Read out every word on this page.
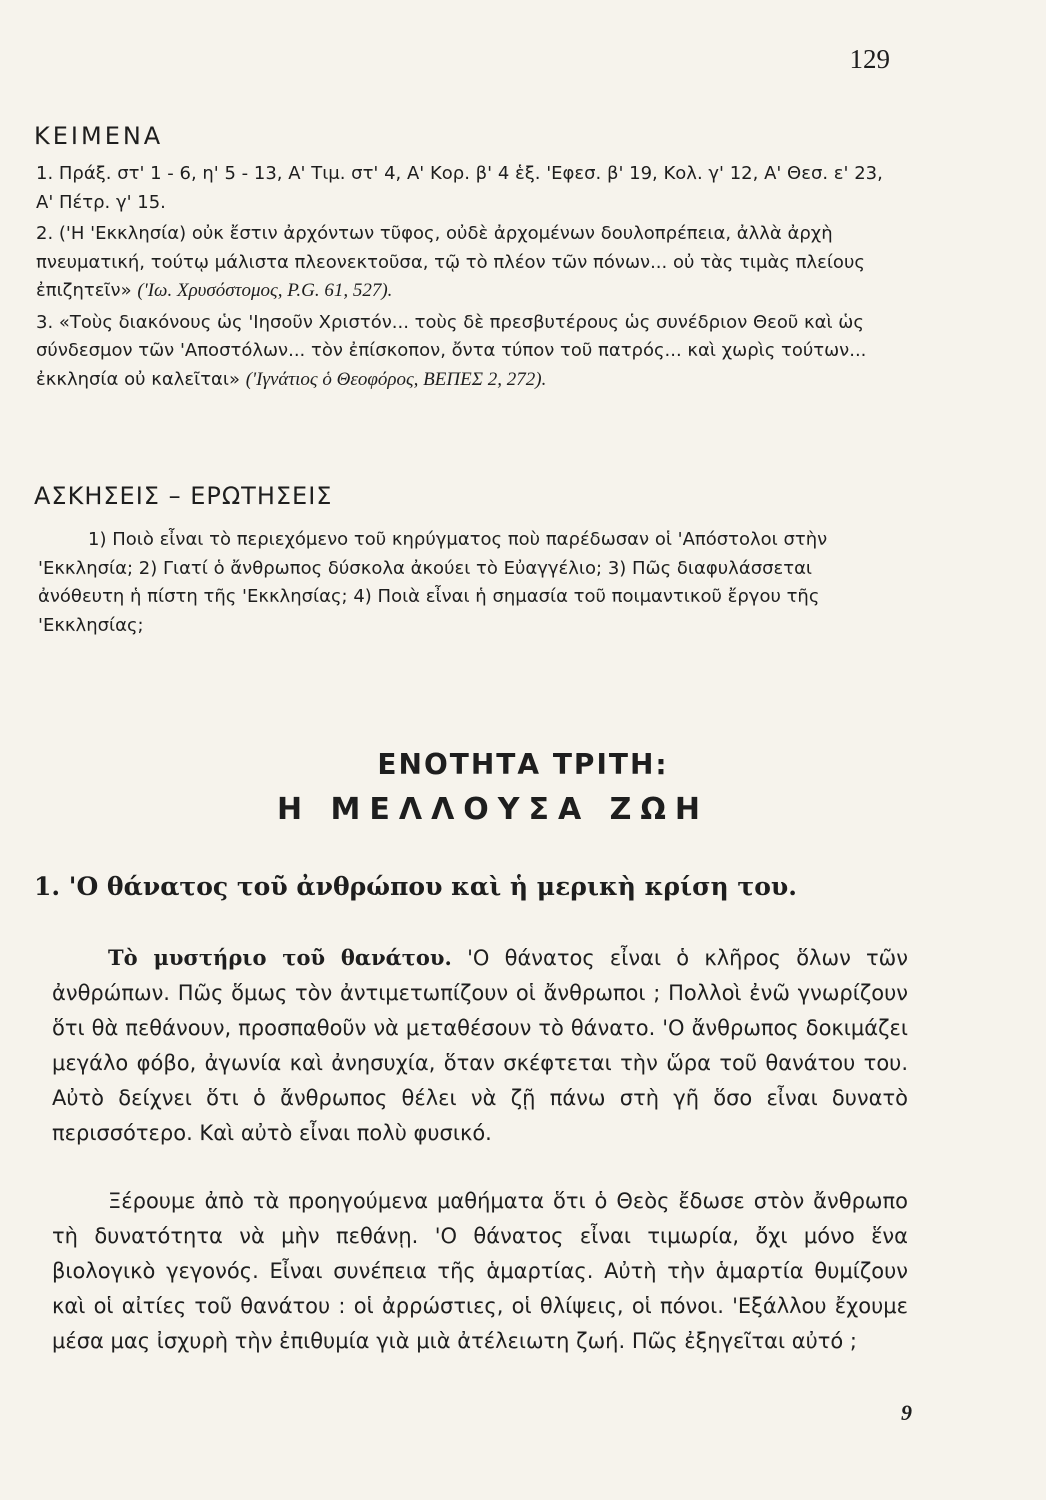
129
ΚΕΙΜΕΝΑ
1. Πράξ. στ' 1 - 6, η' 5 - 13, Α' Τιμ. στ' 4, Α' Κορ. β' 4 ἑξ. 'Εφεσ. β' 19, Κολ. γ' 12, Α' Θεσ. ε' 23, Α' Πέτρ. γ' 15.
2. ('Η 'Εκκλησία) οὐκ ἔστιν ἀρχόντων τῦφος, οὐδὲ ἀρχομένων δουλοπρέπεια, ἀλλὰ ἀρχὴ πνευματική, τούτῳ μάλιστα πλεονεκτοῦσα, τῷ τὸ πλέον τῶν πόνων... οὐ τὰς τιμὰς πλείους ἐπιζητεῖν» ('Ιω. Χρυσόστομος, P.G. 61, 527).
3. «Τοὺς διακόνους ὡς 'Ιησοῦν Χριστόν... τοὺς δὲ πρεσβυτέρους ὡς συνέδριον Θεοῦ καὶ ὡς σύνδεσμον τῶν 'Αποστόλων... τὸν ἐπίσκοπον, ὄντα τύπον τοῦ πατρός... καὶ χωρὶς τούτων... ἐκκλησία οὐ καλεῖται» ('Ιγνάτιος ὁ Θεοφόρος, ΒΕΠΕΣ 2, 272).
ΑΣΚΗΣΕΙΣ – ΕΡΩΤΗΣΕΙΣ
1) Ποιὸ εἶναι τὸ περιεχόμενο τοῦ κηρύγματος ποὺ παρέδωσαν οἱ 'Απόστολοι στὴν 'Εκκλησία; 2) Γιατί ὁ ἄνθρωπος δύσκολα ἀκούει τὸ Εὐαγγέλιο; 3) Πῶς διαφυλάσσεται ἀνόθευτη ἡ πίστη τῆς 'Εκκλησίας; 4) Ποιὰ εἶναι ἡ σημασία τοῦ ποιμαντικοῦ ἔργου τῆς 'Εκκλησίας;
ΕΝΟΤΗΤΑ ΤΡΙΤΗ:
Η ΜΕΛΛΟΥΣΑ ΖΩΗ
1. 'Ο θάνατος τοῦ ἀνθρώπου καὶ ἡ μερικὴ κρίση του.
Τὸ μυστήριο τοῦ θανάτου. 'Ο θάνατος εἶναι ὁ κλῆρος ὅλων τῶν ἀνθρώπων. Πῶς ὅμως τὸν ἀντιμετωπίζουν οἱ ἄνθρωποι ; Πολλοὶ ἐνῶ γνωρίζουν ὅτι θὰ πεθάνουν, προσπαθοῦν νὰ μεταθέσουν τὸ θάνατο. 'Ο ἄνθρωπος δοκιμάζει μεγάλο φόβο, ἀγωνία καὶ ἀνησυχία, ὅταν σκέφτεται τὴν ὥρα τοῦ θανάτου του. Αὐτὸ δείχνει ὅτι ὁ ἄνθρωπος θέλει νὰ ζῇ πάνω στὴ γῆ ὅσο εἶναι δυνατὸ περισσότερο. Καὶ αὐτὸ εἶναι πολὺ φυσικό.
Ξέρουμε ἀπὸ τὰ προηγούμενα μαθήματα ὅτι ὁ Θεὸς ἔδωσε στὸν ἄνθρωπο τὴ δυνατότητα νὰ μὴν πεθάνῃ. 'Ο θάνατος εἶναι τιμωρία, ὄχι μόνο ἕνα βιολογικὸ γεγονός. Εἶναι συνέπεια τῆς ἁμαρτίας. Αὐτὴ τὴν ἁμαρτία θυμίζουν καὶ οἱ αἰτίες τοῦ θανάτου : οἱ ἀρρώστιες, οἱ θλίψεις, οἱ πόνοι. 'Εξάλλου ἔχουμε μέσα μας ἰσχυρὴ τὴν ἐπιθυμία γιὰ μιὰ ἀτέλειωτη ζωή. Πῶς ἐξηγεῖται αὐτό ;
9
